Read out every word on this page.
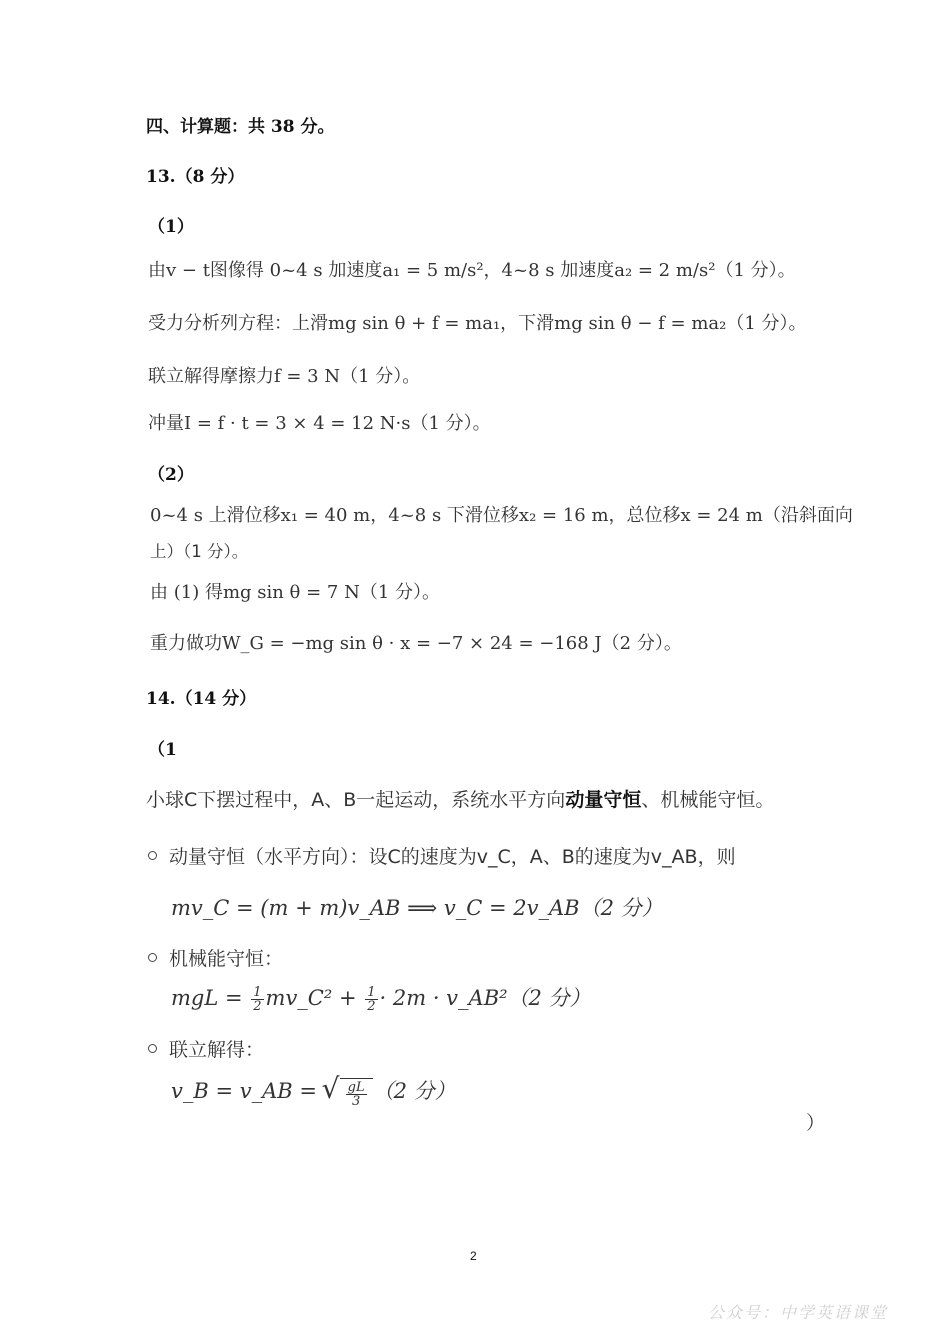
四、计算题：共 38 分。
13.（8 分）
（1）
由v − t图像得 0~4 s 加速度a₁ = 5 m/s²，4~8 s 加速度a₂ = 2 m/s²（1 分）。
受力分析列方程：上滑mg sin θ + f = ma₁，下滑mg sin θ − f = ma₂（1 分）。
联立解得摩擦力f = 3 N（1 分）。
冲量I = f · t = 3 × 4 = 12 N·s（1 分）。
（2）
0~4 s 上滑位移x₁ = 40 m，4~8 s 下滑位移x₂ = 16 m，总位移x = 24 m（沿斜面向
上）（1 分）。
由 (1) 得mg sin θ = 7 N（1 分）。
重力做功W_G = −mg sin θ · x = −7 × 24 = −168 J（2 分）。
14.（14 分）
（1
小球C下摆过程中，A、B一起运动，系统水平方向动量守恒、机械能守恒。
动量守恒（水平方向）：设C的速度为v_C，A、B的速度为v_AB，则
mv_C = (m + m)v_AB ⟹ v_C = 2v_AB（2 分）
机械能守恒：
mgL = $\frac{1}{2}$ mv_C² + $\frac{1}{2} \cdot 2m$ · v_AB²（2 分）
联立解得：
v_B = v_AB =
√ $\frac{gL}{3} (2$ 分）
）
2
公众号：中学英语课堂
